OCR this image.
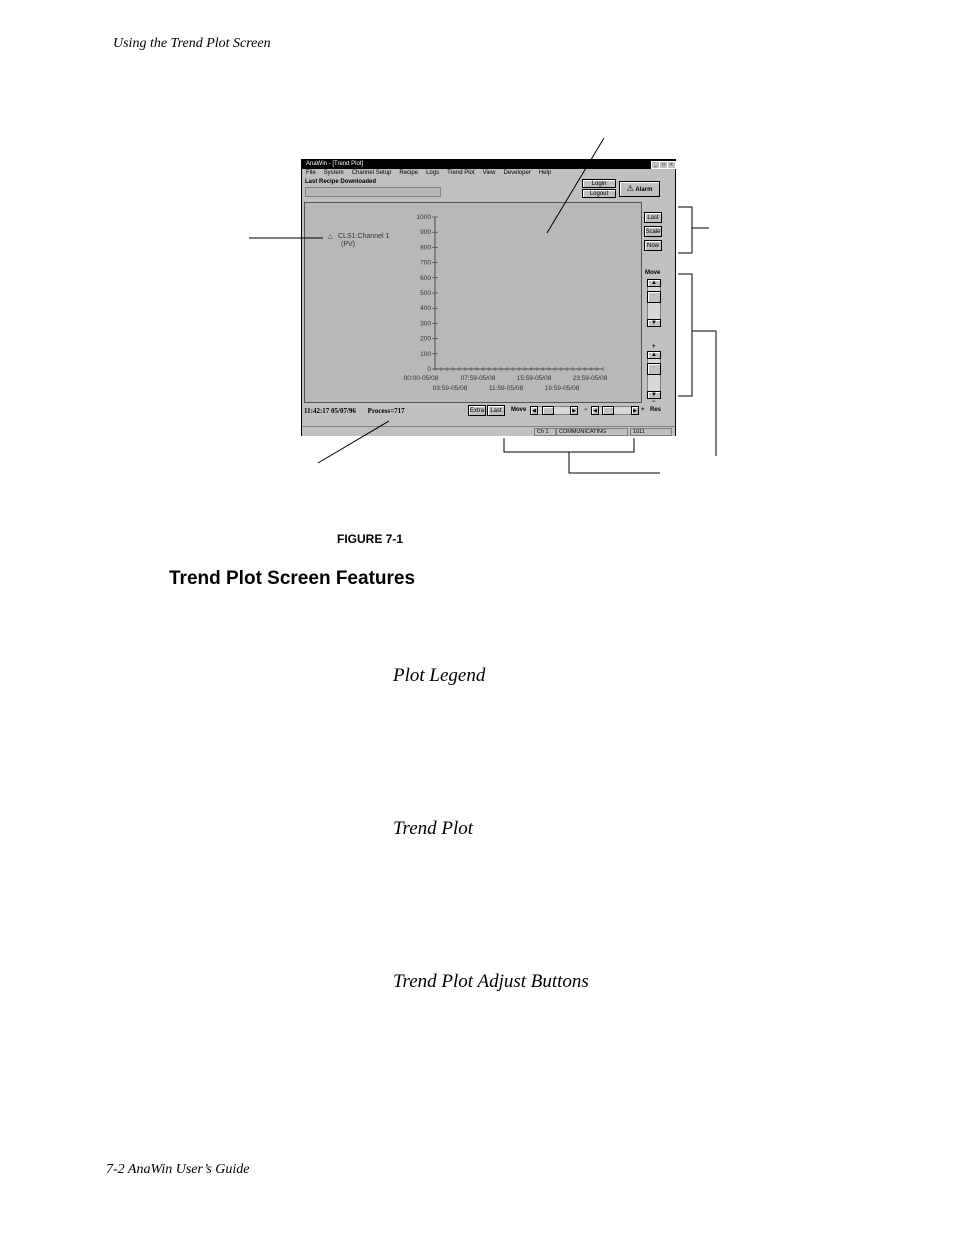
Using the Trend Plot Screen
AnaWin - [Trend Plot]	_	□	×
File System Channel Setup Recipe Logs Trend Plot View Developer Help
Last Recipe Downloaded	Login
Logout
⚠ Alarm
△ CLS1:Channel 1
(PV)
0
100
200
300
400
500
600
700
800
900
1000
00:00-05/08	07:59-05/08	15:59-05/08	23:59-05/08
03:59-05/08	11:59-05/08	19:59-05/08
Last
Scale
Now
Move
▲
▼
+
▲
▼
−
11:42:17 05/07/96 Process=717	Extra	Last	Move	◀	▶	−	◀	▶ + Res
Ch 1	COMMUNICATING	1011
FIGURE 7-1
Trend Plot Screen Features
Plot Legend
Trend Plot
Trend Plot Adjust Buttons
7-2 AnaWin User’s Guide
